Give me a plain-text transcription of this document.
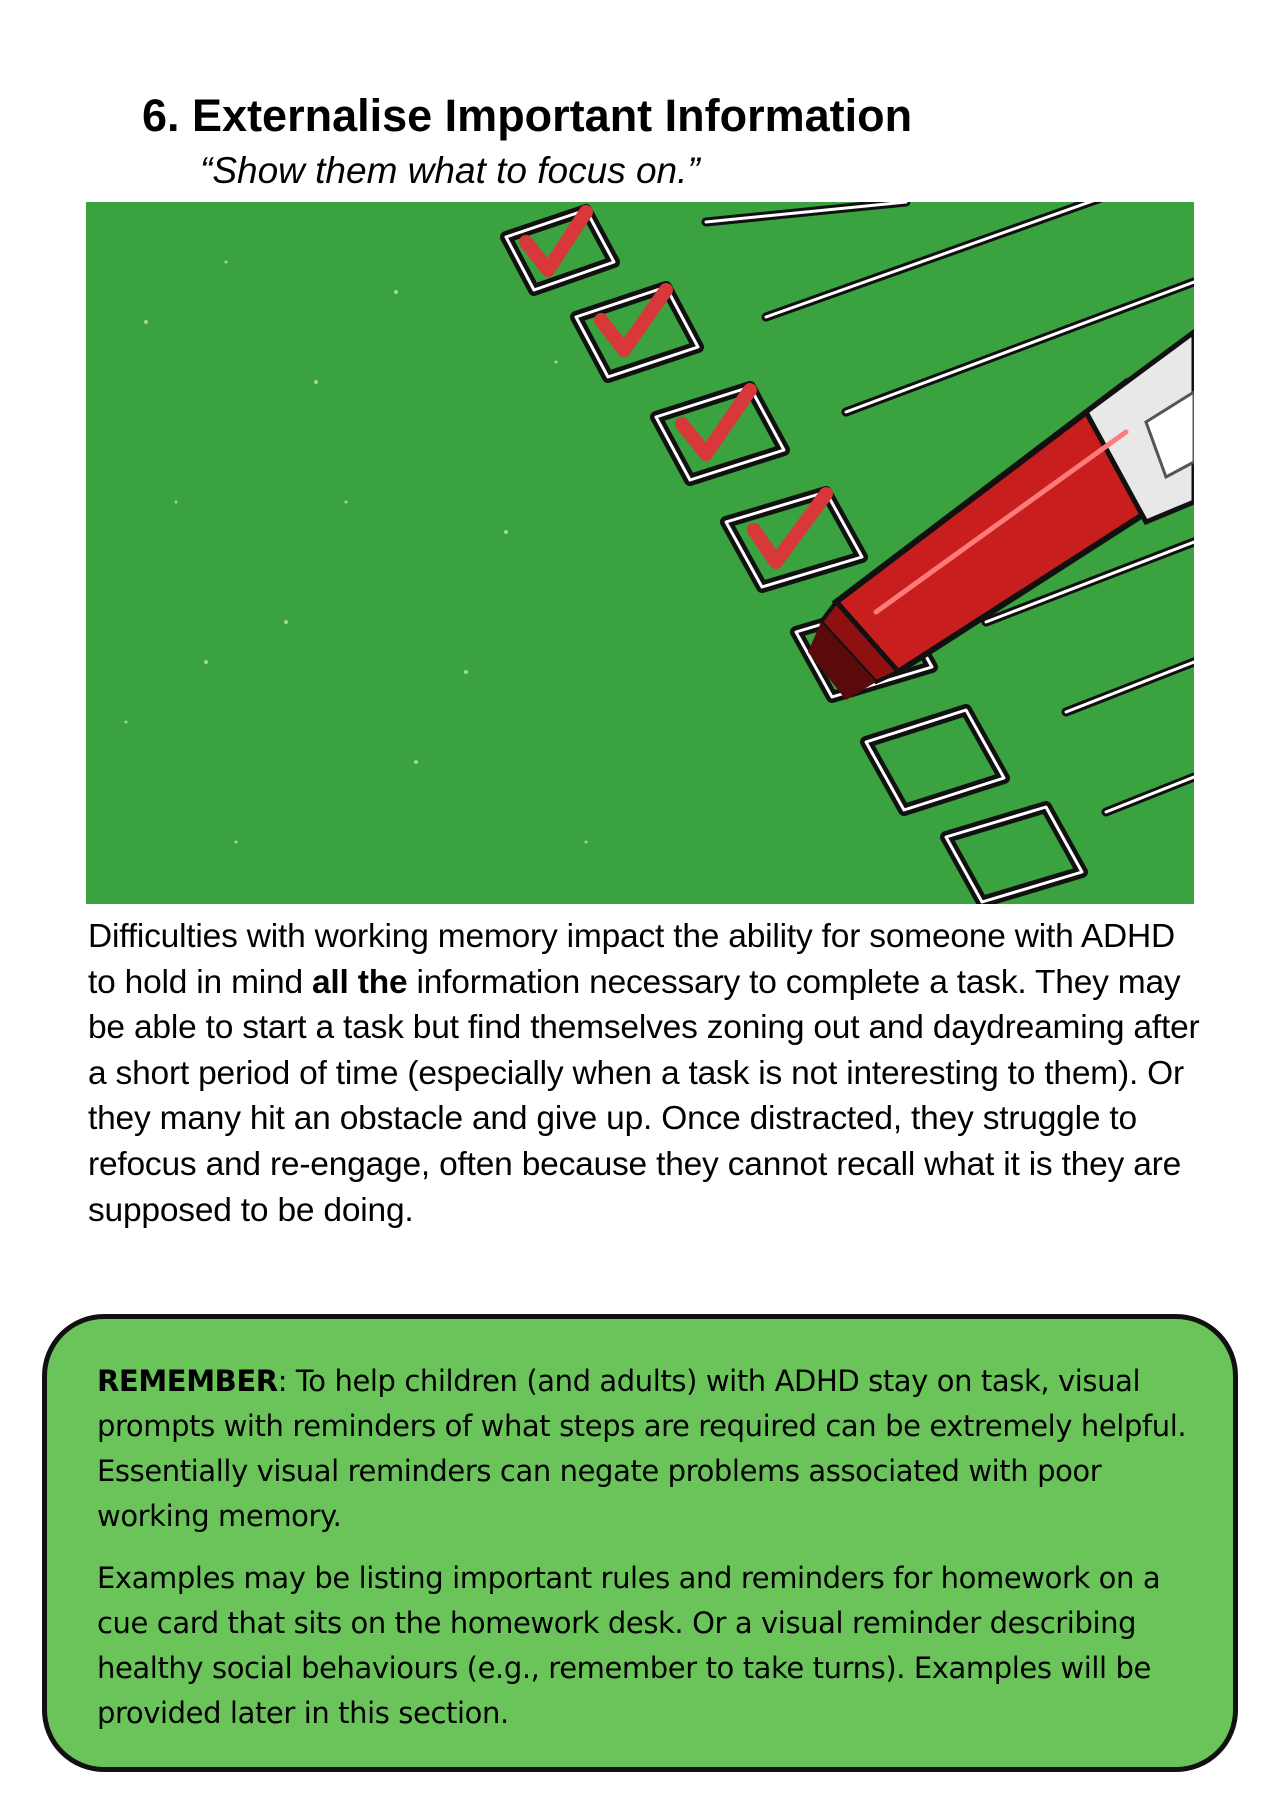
6. Externalise Important Information

“Show them what to focus on.”

Difficulties with working memory impact the ability for someone with ADHD to hold in mind all the information necessary to complete a task. They may be able to start a task but find themselves zoning out and daydreaming after a short period of time (especially when a task is not interesting to them). Or they many hit an obstacle and give up. Once distracted, they struggle to refocus and re-engage, often because they cannot recall what it is they are supposed to be doing.

REMEMBER: To help children (and adults) with ADHD stay on task, visual prompts with reminders of what steps are required can be extremely helpful. Essentially visual reminders can negate problems associated with poor working memory.

Examples may be listing important rules and reminders for homework on a cue card that sits on the homework desk. Or a visual reminder describing healthy social behaviours (e.g., remember to take turns). Examples will be provided later in this section.
